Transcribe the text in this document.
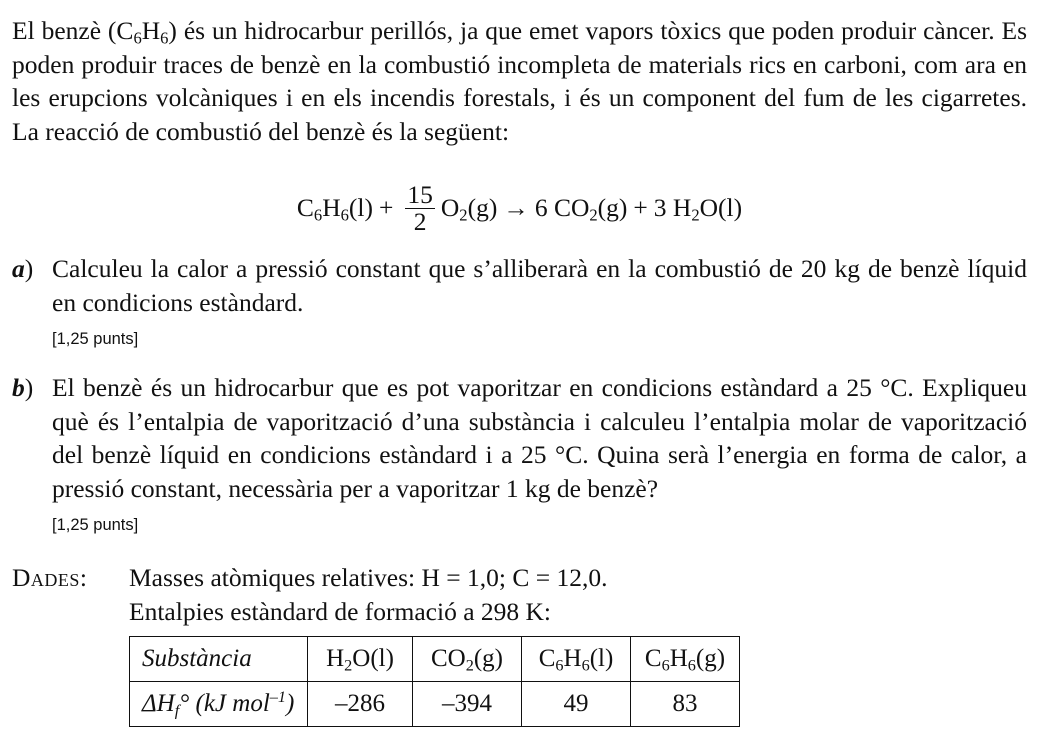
El benzè $(C_6H_6)$ és un hidrocarbur perillós, ja que emet vapors tòxics que poden produir càncer. Es poden produir traces de benzè en la combustió incompleta de materials rics en carboni, com ara en les erupcions volcàniques i en els incendis forestals, i és un component del fum de les cigarretes. La reacció de combustió del benzè és la següent:

$C_6H_6(l) + \frac{15}{2} O_2(g) \to 6$ $CO_2(g) + 3$ $H_2O(l)$
a) Calculeu la calor a pressió constant que s’alliberarà en la combustió de 20 kg de benzè líquid en condicions estàndard.
[1,25 punts]
b) El benzè és un hidrocarbur que es pot vaporitzar en condicions estàndard a 25 °C. Expliqueu què és l’entalpia de vaporització d’una substància i calculeu l’entalpia molar de vaporització del benzè líquid en condicions estàndard i a 25 °C. Quina serà l’energia en forma de calor, a pressió constant, necessària per a vaporitzar 1 kg de benzè?
[1,25 punts]
Dades:	Masses atòmiques relatives: H = 1,0; C = 12,0.
Entalpies estàndard de formació a 298 K:
Substància	$H_2O(l)$	$CO_2(g)$	$C_6H_6(l)$	$C_6H_6(g)$
$\Delta H_f^\circ$ (kJ mol$^{-1}$)	–286	–394	49	83
